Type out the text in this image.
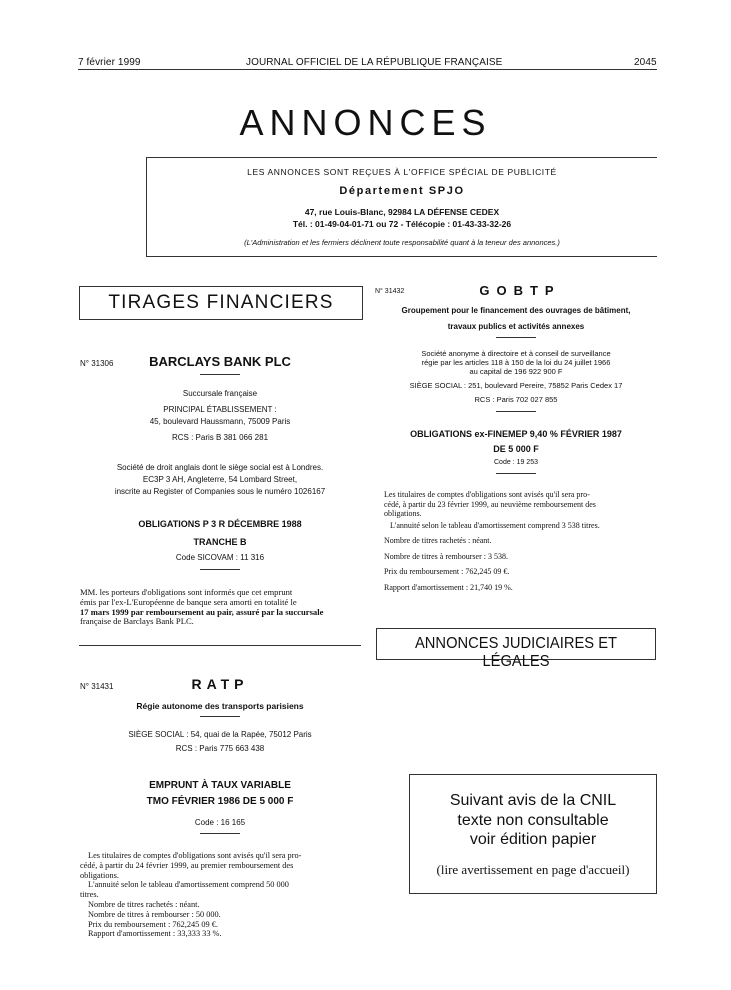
7 février 1999	JOURNAL OFFICIEL DE LA RÉPUBLIQUE FRANÇAISE	2045
ANNONCES
LES ANNONCES SONT REÇUES À L'OFFICE SPÉCIAL DE PUBLICITÉ
Département SPJO
47, rue Louis-Blanc, 92984 LA DÉFENSE CEDEX
Tél. : 01-49-04-01-71 ou 72 - Télécopie : 01-43-33-32-26
(L'Administration et les fermiers déclinent toute responsabilité quant à la teneur des annonces.)
TIRAGES FINANCIERS
N° 31306	BARCLAYS BANK PLC
Succursale française
PRINCIPAL ÉTABLISSEMENT :
45, boulevard Haussmann, 75009 Paris
RCS : Paris B 381 066 281
Société de droit anglais dont le siège social est à Londres.
EC3P 3 AH, Angleterre, 54 Lombard Street,
inscrite au Register of Companies sous le numéro 1026167
OBLIGATIONS P 3 R DÉCEMBRE 1988
TRANCHE B
Code SICOVAM : 11 316
MM. les porteurs d'obligations sont informés que cet emprunt
émis par l'ex-L'Européenne de banque sera amorti en totalité le
17 mars 1999 par remboursement au pair, assuré par la succursale
française de Barclays Bank PLC.
N° 31431	RATP
Régie autonome des transports parisiens
SIÈGE SOCIAL : 54, quai de la Rapée, 75012 Paris
RCS : Paris 775 663 438
EMPRUNT À TAUX VARIABLE
TMO FÉVRIER 1986 DE 5 000 F
Code : 16 165
Les titulaires de comptes d'obligations sont avisés qu'il sera pro-
cédé, à partir du 24 février 1999, au premier remboursement des
obligations.
L'annuité selon le tableau d'amortissement comprend 50 000
titres.
Nombre de titres rachetés : néant.
Nombre de titres à rembourser : 50 000.
Prix du remboursement : 762,245 09 €.
Rapport d'amortissement : 33,333 33 %.
N° 31432	GOBTP
Groupement pour le financement des ouvrages de bâtiment,
travaux publics et activités annexes
Société anonyme à directoire et à conseil de surveillance
régie par les articles 118 à 150 de la loi du 24 juillet 1966
au capital de 196 922 900 F
SIÈGE SOCIAL : 251, boulevard Pereire, 75852 Paris Cedex 17
RCS : Paris 702 027 855
OBLIGATIONS ex-FINEMEP 9,40 % FÉVRIER 1987
DE 5 000 F
Code : 19 253
Les titulaires de comptes d'obligations sont avisés qu'il sera pro-
cédé, à partir du 23 février 1999, au neuvième remboursement des
obligations.
L'annuité selon le tableau d'amortissement comprend 3 538 titres.
Nombre de titres rachetés : néant.
Nombre de titres à rembourser : 3 538.
Prix du remboursement : 762,245 09 €.
Rapport d'amortissement : 21,740 19 %.
ANNONCES JUDICIAIRES ET LÉGALES
Suivant avis de la CNIL
texte non consultable
voir édition papier
(lire avertissement en page d'accueil)
